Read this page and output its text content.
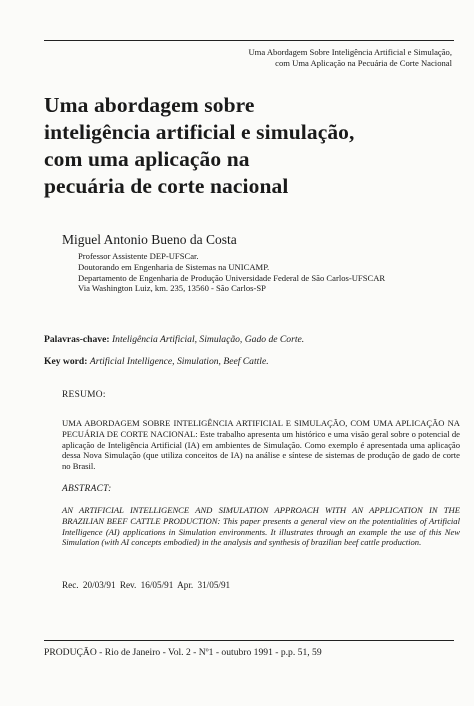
Uma Abordagem Sobre Inteligência Artificial e Simulação,
com Uma Aplicação na Pecuária de Corte Nacional
Uma abordagem sobre
inteligência artificial e simulação,
com uma aplicação na
pecuária de corte nacional
Miguel Antonio Bueno da Costa
Professor Assistente DEP-UFSCar.
Doutorando em Engenharia de Sistemas na UNICAMP.
Departamento de Engenharia de Produção Universidade Federal de São Carlos-UFSCAR
Via Washington Luiz, km. 235, 13560 - São Carlos-SP
Palavras-chave: Inteligência Artificial, Simulação, Gado de Corte.
Key word: Artificial Intelligence, Simulation, Beef Cattle.
RESUMO:
UMA ABORDAGEM SOBRE INTELIGÊNCIA ARTIFICIAL E SIMULAÇÃO, COM UMA APLICAÇÃO NA PECUÁRIA DE CORTE NACIONAL: Este trabalho apresenta um histórico e uma visão geral sobre o potencial de aplicação de Inteligência Artificial (IA) em ambientes de Simulação. Como exemplo é apresentada uma aplicação dessa Nova Simulação (que utiliza conceitos de IA) na análise e síntese de sistemas de produção de gado de corte no Brasil.
ABSTRACT:
AN ARTIFICIAL INTELLIGENCE AND SIMULATION APPROACH WITH AN APPLICATION IN THE BRAZILIAN BEEF CATTLE PRODUCTION: This paper presents a general view on the potentialities of Artificial Intelligence (AI) applications in Simulation environments. It illustrates through an example the use of this New Simulation (with AI concepts embodied) in the analysis and synthesis of brazilian beef cattle production.
Rec. 20/03/91 Rev. 16/05/91 Apr. 31/05/91
PRODUÇÃO - Rio de Janeiro - Vol. 2 - Nº1 - outubro 1991 - p.p. 51, 59
